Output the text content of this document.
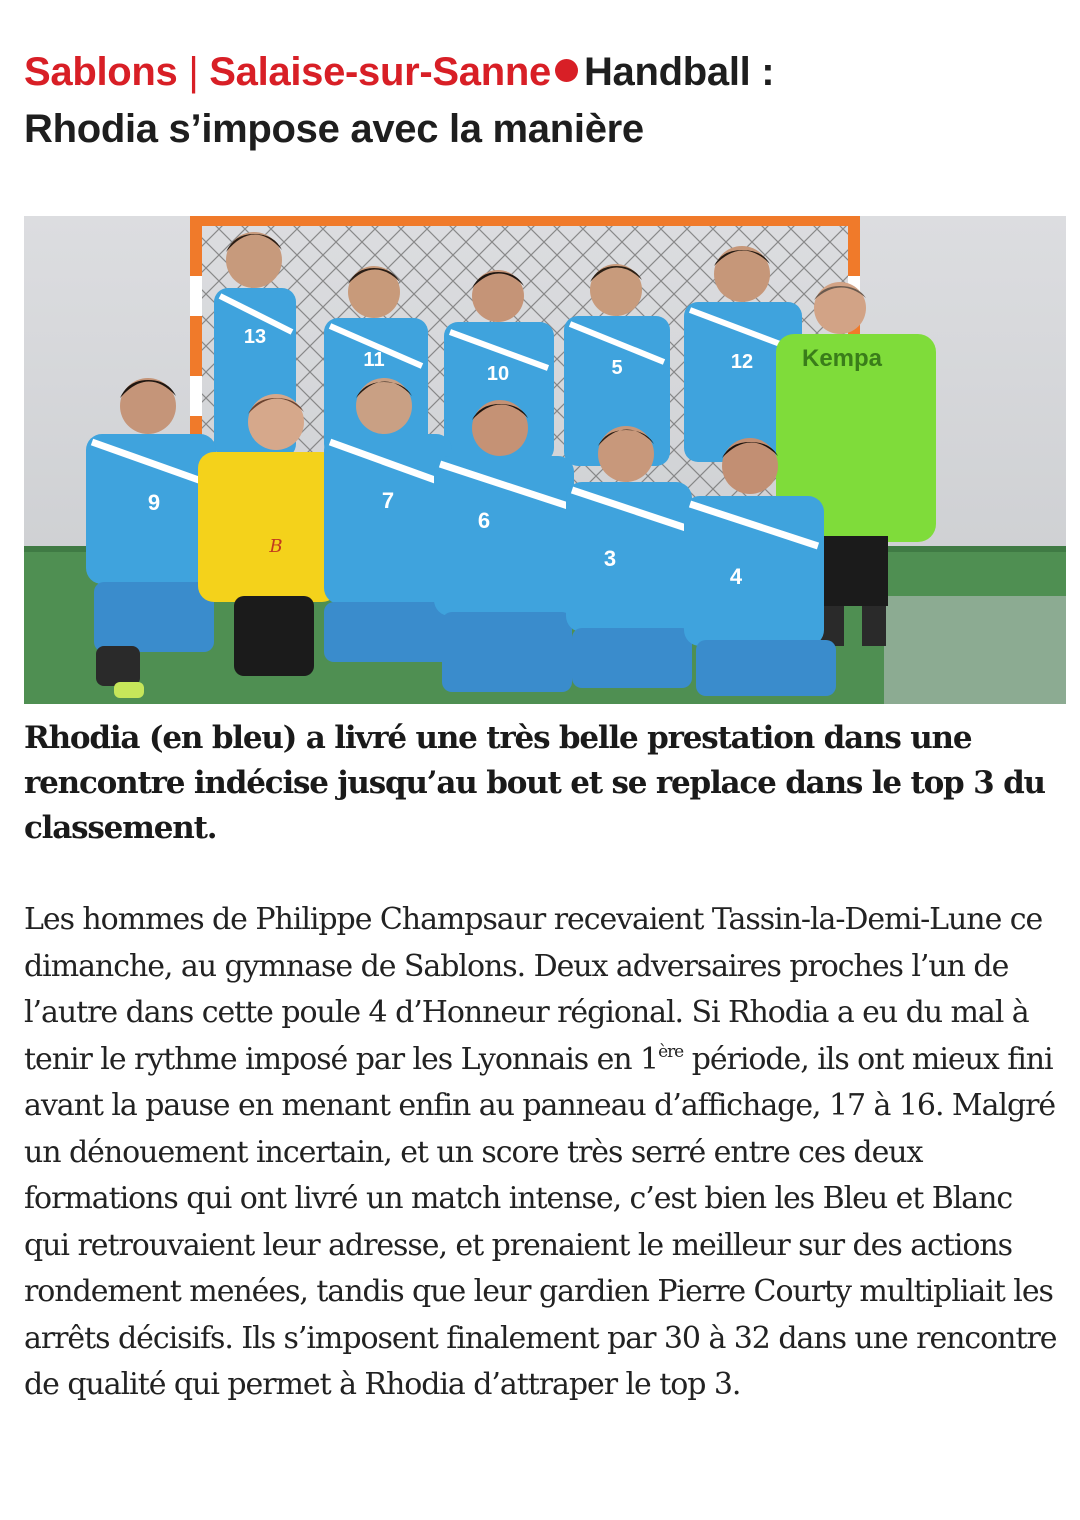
Sablons | Salaise-sur-Sanne Handball :
Rhodia s’impose avec la manière
13
11
10	5	12 Kempa
9
B
7
6
3
4
Rhodia (en bleu) a livré une très belle prestation dans une rencontre indécise jusqu’au bout et se replace dans le top 3 du classement.
Les hommes de Philippe Champsaur recevaient Tassin-la-Demi-Lune ce dimanche, au gymnase de Sablons. Deux adversaires proches l’un de l’autre dans cette poule 4 d’Honneur régional. Si Rhodia a eu du mal à tenir le rythme imposé par les Lyonnais en 1ère période, ils ont mieux fini avant la pause en menant enfin au panneau d’affichage, 17 à 16. Malgré un dénouement incertain, et un score très serré entre ces deux formations qui ont livré un match intense, c’est bien les Bleu et Blanc qui retrouvaient leur adresse, et prenaient le meilleur sur des actions rondement menées, tandis que leur gardien Pierre Courty multipliait les arrêts décisifs. Ils s’imposent finalement par 30 à 32 dans une rencontre de qualité qui permet à Rhodia d’attraper le top 3.
